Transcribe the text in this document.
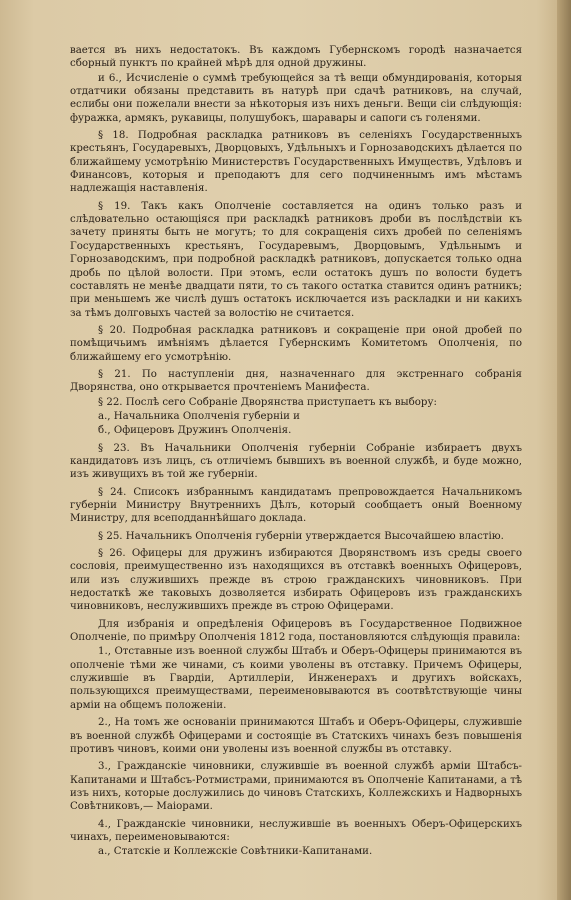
вается въ нихъ недостатокъ. Въ каждомъ Губернскомъ городѣ назначается сборный пунктъ по крайней мѣрѣ для одной дружины.

и 6., Исчисленіе о суммѣ требующейся за тѣ вещи обмундированія, которыя отдатчики обязаны представить въ натурѣ при сдачѣ ратниковъ, на случай, еслибы они пожелали внести за нѣкоторыя изъ нихъ деньги. Вещи сіи слѣдующія: фуражка, армякъ, рукавицы, полушубокъ, шаравары и сапоги съ голенями.

§ 18. Подробная раскладка ратниковъ въ селеніяхъ Государственныхъ крестьянъ, Государевыхъ, Дворцовыхъ, Удѣльныхъ и Горнозаводскихъ дѣлается по ближайшему усмотрѣнію Министерствъ Государственныхъ Имуществъ, Удѣловъ и Финансовъ, которыя и преподаютъ для сего подчиненнымъ имъ мѣстамъ надлежащія наставленія.

§ 19. Такъ какъ Ополченіе составляется на одинъ только разъ и слѣдовательно остающіяся при раскладкѣ ратниковъ дроби въ послѣдствіи къ зачету приняты быть не могутъ; то для сокращенія сихъ дробей по селеніямъ Государственныхъ крестьянъ, Государевымъ, Дворцовымъ, Удѣльнымъ и Горнозаводскимъ, при подробной раскладкѣ ратниковъ, допускается только одна дробь по цѣлой волости. При этомъ, если остатокъ душъ по волости будетъ составлять не менѣе двадцати пяти, то съ такого остатка ставится одинъ ратникъ; при меньшемъ же числѣ душъ остатокъ исключается изъ раскладки и ни какихъ за тѣмъ долговыхъ частей за волостію не считается.

§ 20. Подробная раскладка ратниковъ и сокращеніе при оной дробей по помѣщичьимъ имѣніямъ дѣлается Губернскимъ Комитетомъ Ополченія, по ближайшему его усмотрѣнію.

§ 21. По наступленіи дня, назначеннаго для экстреннаго собранія Дворянства, оно открывается прочтеніемъ Манифеста.

§ 22. Послѣ сего Собраніе Дворянства приступаетъ къ выбору:

а., Начальника Ополченія губерніи и

б., Офицеровъ Дружинъ Ополченія.

§ 23. Въ Начальники Ополченія губерніи Собраніе избираетъ двухъ кандидатовъ изъ лицъ, съ отличіемъ бывшихъ въ военной службѣ, и буде можно, изъ живущихъ въ той же губерніи.

§ 24. Списокъ избраннымъ кандидатамъ препровождается Начальникомъ губерніи Министру Внутреннихъ Дѣлъ, который сообщаетъ оный Военному Министру, для всеподданнѣйшаго доклада.

§ 25. Начальникъ Ополченія губерніи утверждается Высочайшею властію.

§ 26. Офицеры для дружинъ избираются Дворянствомъ изъ среды своего сословія, преимущественно изъ находящихся въ отставкѣ военныхъ Офицеровъ, или изъ служившихъ прежде въ строю гражданскихъ чиновниковъ. При недостаткѣ же таковыхъ дозволяется избирать Офицеровъ изъ гражданскихъ чиновниковъ, неслужившихъ прежде въ строю Офицерами.

Для избранія и опредѣленія Офицеровъ въ Государственное Подвижное Ополченіе, по примѣру Ополченія 1812 года, постановляются слѣдующія правила:

1., Отставные изъ военной службы Штабъ и Оберъ-Офицеры принимаются въ ополченіе тѣми же чинами, съ коими уволены въ отставку. Причемъ Офицеры, служившіе въ Гвардіи, Артиллеріи, Инженерахъ и другихъ войскахъ, пользующихся преимуществами, переименовываются въ соотвѣтствующіе чины арміи на общемъ положеніи.

2., На томъ же основаніи принимаются Штабъ и Оберъ-Офицеры, служившіе въ военной службѣ Офицерами и состоящіе въ Статскихъ чинахъ безъ повышенія противъ чиновъ, коими они уволены изъ военной службы въ отставку.

3., Гражданскіе чиновники, служившіе въ военной службѣ арміи Штабсъ-Капитанами и Штабсъ-Ротмистрами, принимаются въ Ополченіе Капитанами, а тѣ изъ нихъ, которые дослужились до чиновъ Статскихъ, Коллежскихъ и Надворныхъ Совѣтниковъ,— Маіорами.

4., Гражданскіе чиновники, неслужившіе въ военныхъ Оберъ-Офицерскихъ чинахъ, переименовываются:

а., Статскіе и Коллежскіе Совѣтники-Капитанами.
